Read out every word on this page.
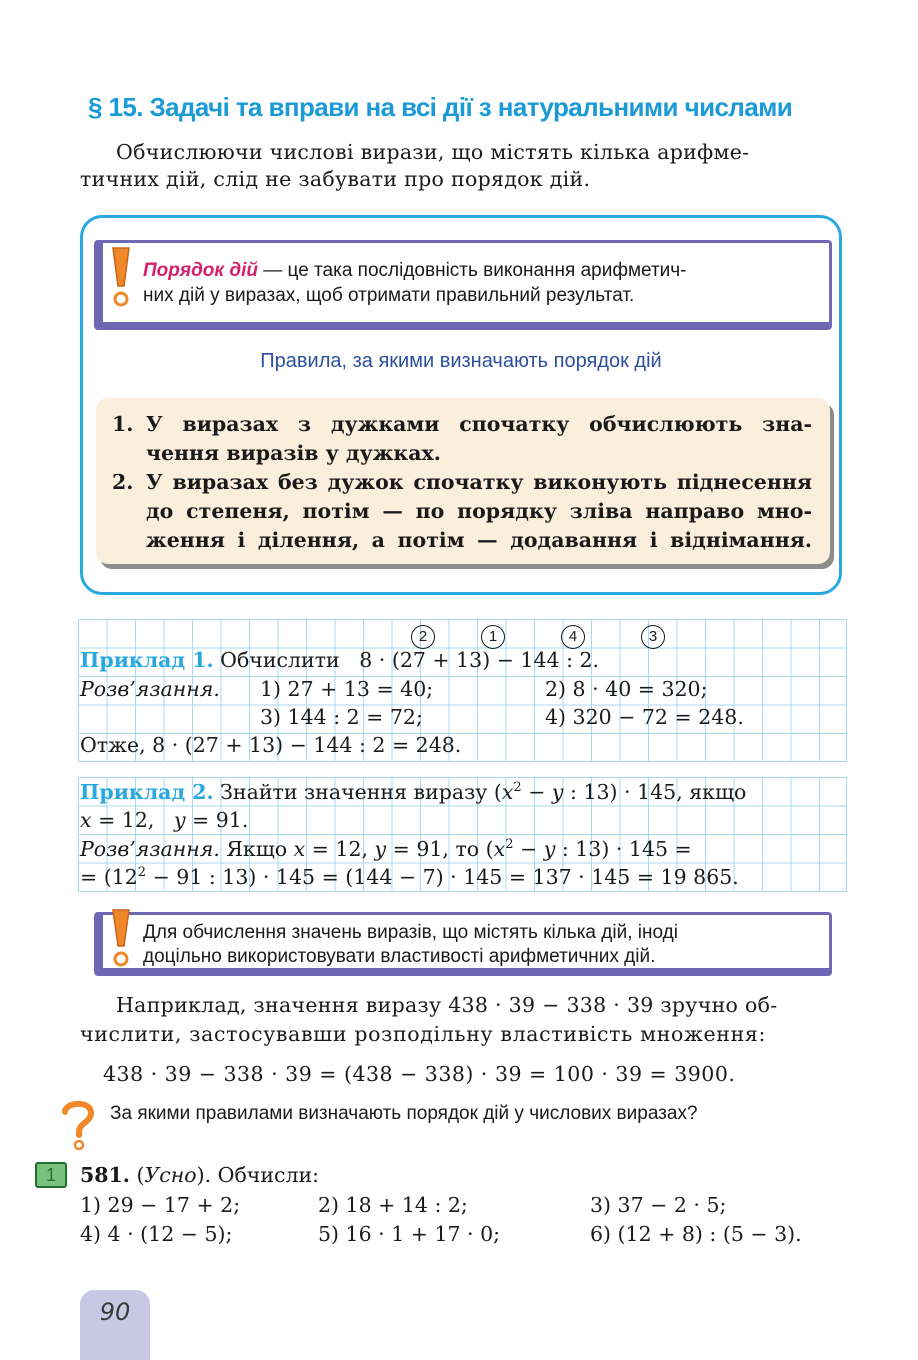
§ 15. Задачі та вправи на всі дії з натуральними числами
Обчислюючи числові вирази, що містять кілька арифме-
тичних дій, слід не забувати про порядок дій.
Порядок дій — це така послідовність виконання арифметич-
них дій у виразах, щоб отримати правильний результат.
Правила, за якими визначають порядок дій
1. У виразах з дужками спочатку обчислюють зна-
чення виразів у дужках.
2. У виразах без дужок спочатку виконують піднесення
до степеня, потім — по порядку зліва направо мно-
ження і ділення, а потім — додавання і віднімання.
2	1	4	3
Приклад 1. Обчислити   8 · (27 + 13) − 144 : 2.
Розв’язання. 1) 27 + 13 = 40;	2) 8 · 40 = 320;
3) 144 : 2 = 72;	4) 320 − 72 = 248.
Отже, 8 · (27 + 13) − 144 : 2 = 248.
Приклад 2. Знайти значення виразу ($x^2 - y$ : 13) · 145, якщо
x = 12,   y = 91.
Розв’язання. Якщо x = 12, y = 91, то ($x^2 - y$ : 13) · 145 =
= ($12^2 - 91$ : 13) · 145 = (144 − 7) · 145 = 137 · 145 = 19 865.
Для обчислення значень виразів, що містять кілька дій, іноді
доцільно використовувати властивості арифметичних дій.
Наприклад, значення виразу 438 · 39 − 338 · 39 зручно об-
числити, застосувавши розподільну властивість множення:
438 · 39 − 338 · 39 = (438 − 338) · 39 = 100 · 39 = 3900.
За якими правилами визначають порядок дій у числових виразах?
1	581. (Усно). Обчисли:
1) 29 − 17 + 2;	2) 18 + 14 : 2;	3) 37 − 2 · 5;
4) 4 · (12 − 5);	5) 16 · 1 + 17 · 0;	6) (12 + 8) : (5 − 3).
90
